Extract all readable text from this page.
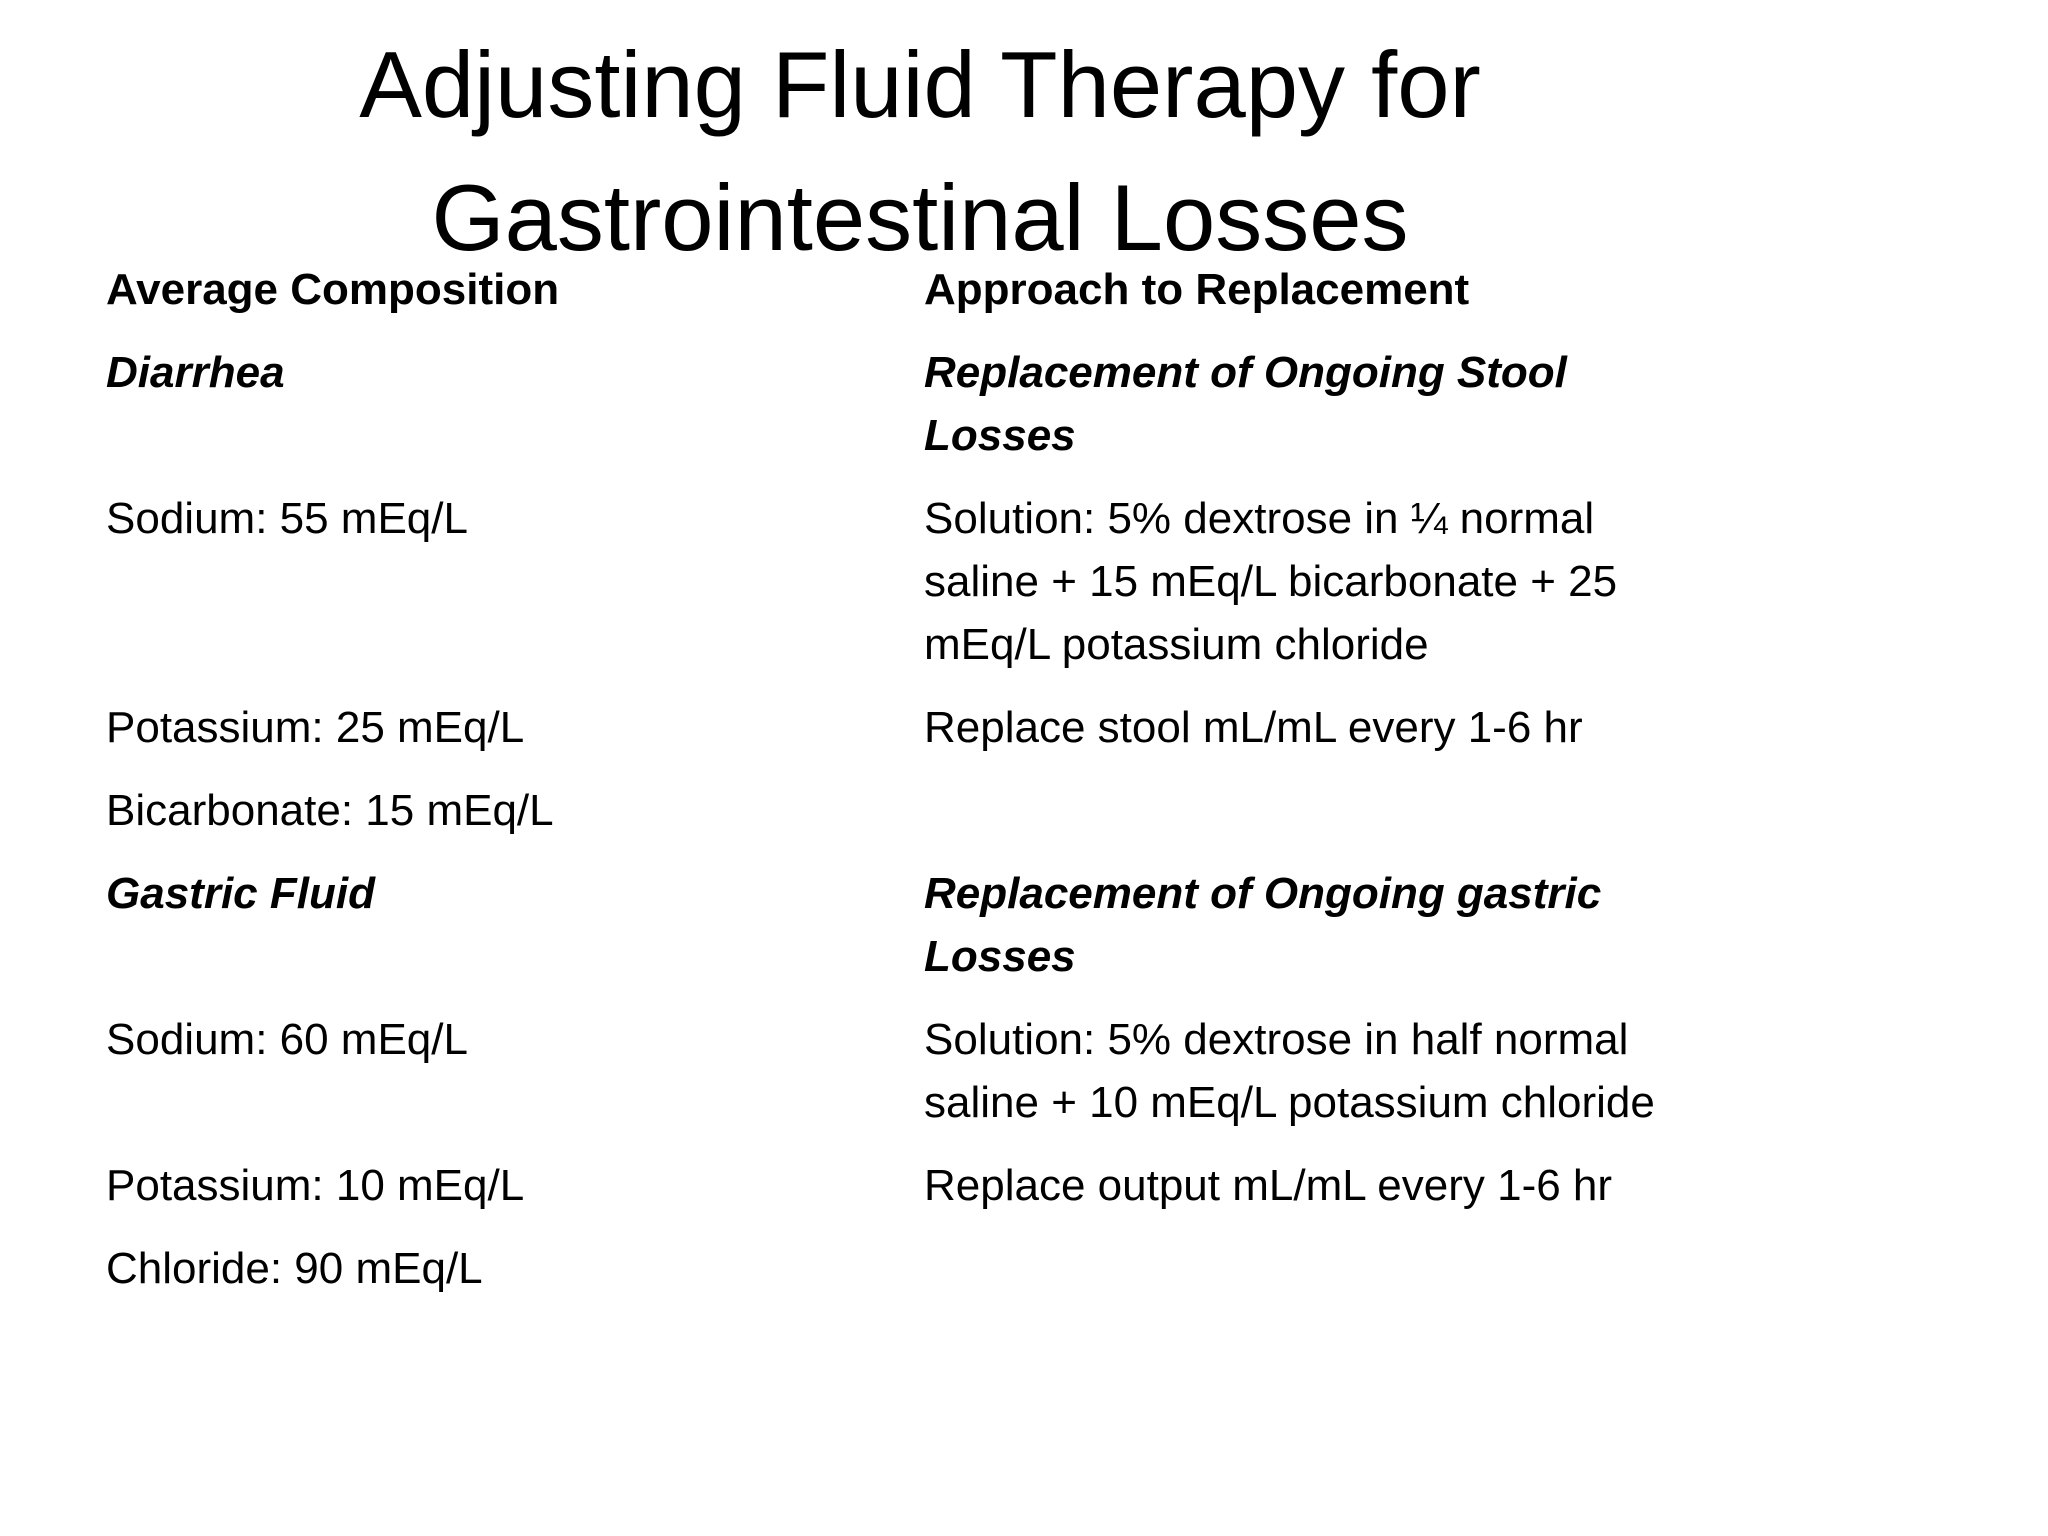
Adjusting Fluid Therapy for
Gastrointestinal Losses
Average Composition	Approach to Replacement
Diarrhea	Replacement of Ongoing Stool Losses
Sodium: 55 mEq/L	Solution: 5% dextrose in ¼ normal saline + 15 mEq/L bicarbonate + 25 mEq/L potassium chloride
Potassium: 25 mEq/L	Replace stool mL/mL every 1-6 hr
Bicarbonate: 15 mEq/L
Gastric Fluid	Replacement of Ongoing gastric Losses
Sodium: 60 mEq/L	Solution: 5% dextrose in half normal saline + 10 mEq/L potassium chloride
Potassium: 10 mEq/L	Replace output mL/mL every 1-6 hr
Chloride: 90 mEq/L
